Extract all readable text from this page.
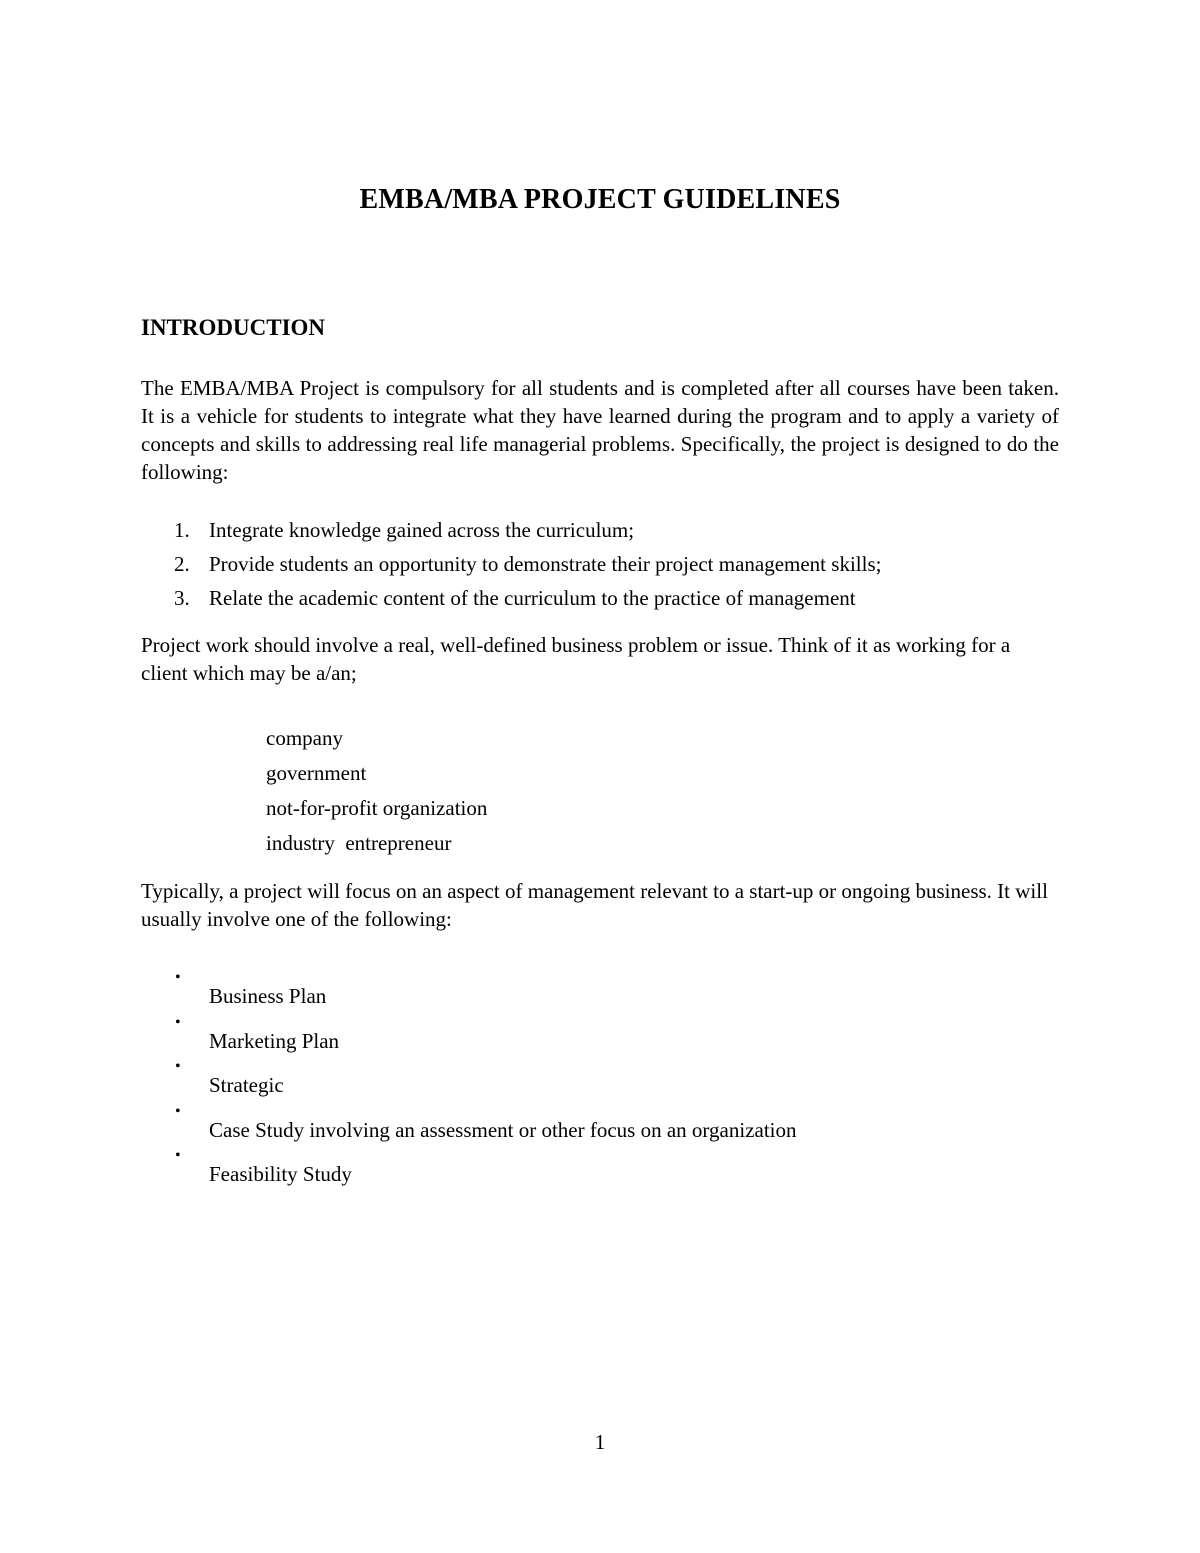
EMBA/MBA PROJECT GUIDELINES
INTRODUCTION
The EMBA/MBA Project is compulsory for all students and is completed after all courses have been taken. It is a vehicle for students to integrate what they have learned during the program and to apply a variety of concepts and skills to addressing real life managerial problems. Specifically, the project is designed to do the following:
1. Integrate knowledge gained across the curriculum;
2. Provide students an opportunity to demonstrate their project management skills;
3. Relate the academic content of the curriculum to the practice of management
Project work should involve a real, well-defined business problem or issue. Think of it as working for a client which may be a/an;
company
government
not-for-profit organization
industry  entrepreneur
Typically, a project will focus on an aspect of management relevant to a start-up or ongoing business. It will usually involve one of the following:
•
Business Plan
•
Marketing Plan
•
Strategic
•
Case Study involving an assessment or other focus on an organization
•
Feasibility Study
1
